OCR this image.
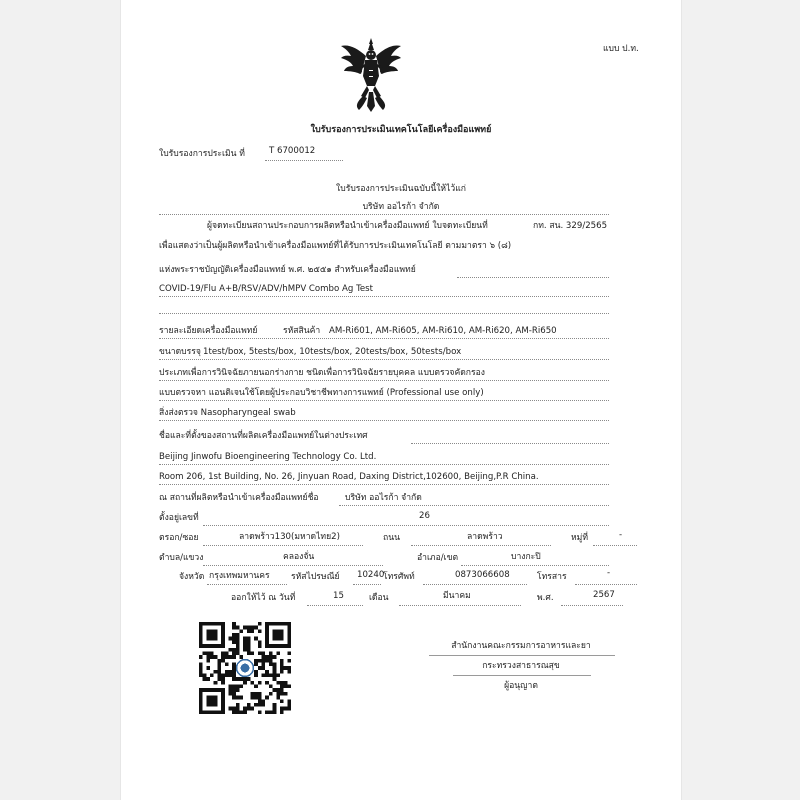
แบบ ป.ท.
ใบรับรองการประเมินเทคโนโลยีเครื่องมือแพทย์
ใบรับรองการประเมิน ที่	T 6700012
ใบรับรองการประเมินฉบับนี้ให้ไว้แก่
บริษัท ออไรก้า จำกัด
ผู้จดทะเบียนสถานประกอบการผลิตหรือนำเข้าเครื่องมือแพทย์ ใบจดทะเบียนที่	กท. สน. 329/2565
เพื่อแสดงว่าเป็นผู้ผลิตหรือนำเข้าเครื่องมือแพทย์ที่ได้รับการประเมินเทคโนโลยี ตามมาตรา ๖ (๘)
แห่งพระราชบัญญัติเครื่องมือแพทย์ พ.ศ. ๒๕๕๑ สำหรับเครื่องมือแพทย์
COVID-19/Flu A+B/RSV/ADV/hMPV Combo Ag Test
รายละเอียดเครื่องมือแพทย์	รหัสสินค้า AM-Ri601, AM-Ri605, AM-Ri610, AM-Ri620, AM-Ri650
ขนาดบรรจุ 1test/box, 5tests/box, 10tests/box, 20tests/box, 50tests/box
ประเภทเพื่อการวินิจฉัยภายนอกร่างกาย ชนิดเพื่อการวินิจฉัยรายบุคคล แบบตรวจคัดกรอง
แบบตรวจหา แอนติเจนใช้โดยผู้ประกอบวิชาชีพทางการแพทย์ (Professional use only)
สิ่งส่งตรวจ Nasopharyngeal swab
ชื่อและที่ตั้งของสถานที่ผลิตเครื่องมือแพทย์ในต่างประเทศ
Beijing Jinwofu Bioengineering Technology Co. Ltd.
Room 206, 1st Building, No. 26, Jinyuan Road, Daxing District,102600, Beijing,P.R China.
ณ สถานที่ผลิตหรือนำเข้าเครื่องมือแพทย์ชื่อ	บริษัท ออไรก้า จำกัด
ตั้งอยู่เลขที่	26
ตรอก/ซอย	ลาดพร้าว130(มหาดไทย2)	ถนน	ลาดพร้าว	หมู่ที่	-
ตำบล/แขวง	คลองจั่น	อำเภอ/เขต	บางกะปิ
จังหวัด กรุงเทพมหานคร รหัสไปรษณีย์ 10240
โทรศัพท์	0873066608	โทรสาร	-
ออกให้ไว้ ณ วันที่	15	เดือน	มีนาคม	พ.ศ.	2567
สำนักงานคณะกรรมการอาหารและยา
กระทรวงสาธารณสุข
ผู้อนุญาต
